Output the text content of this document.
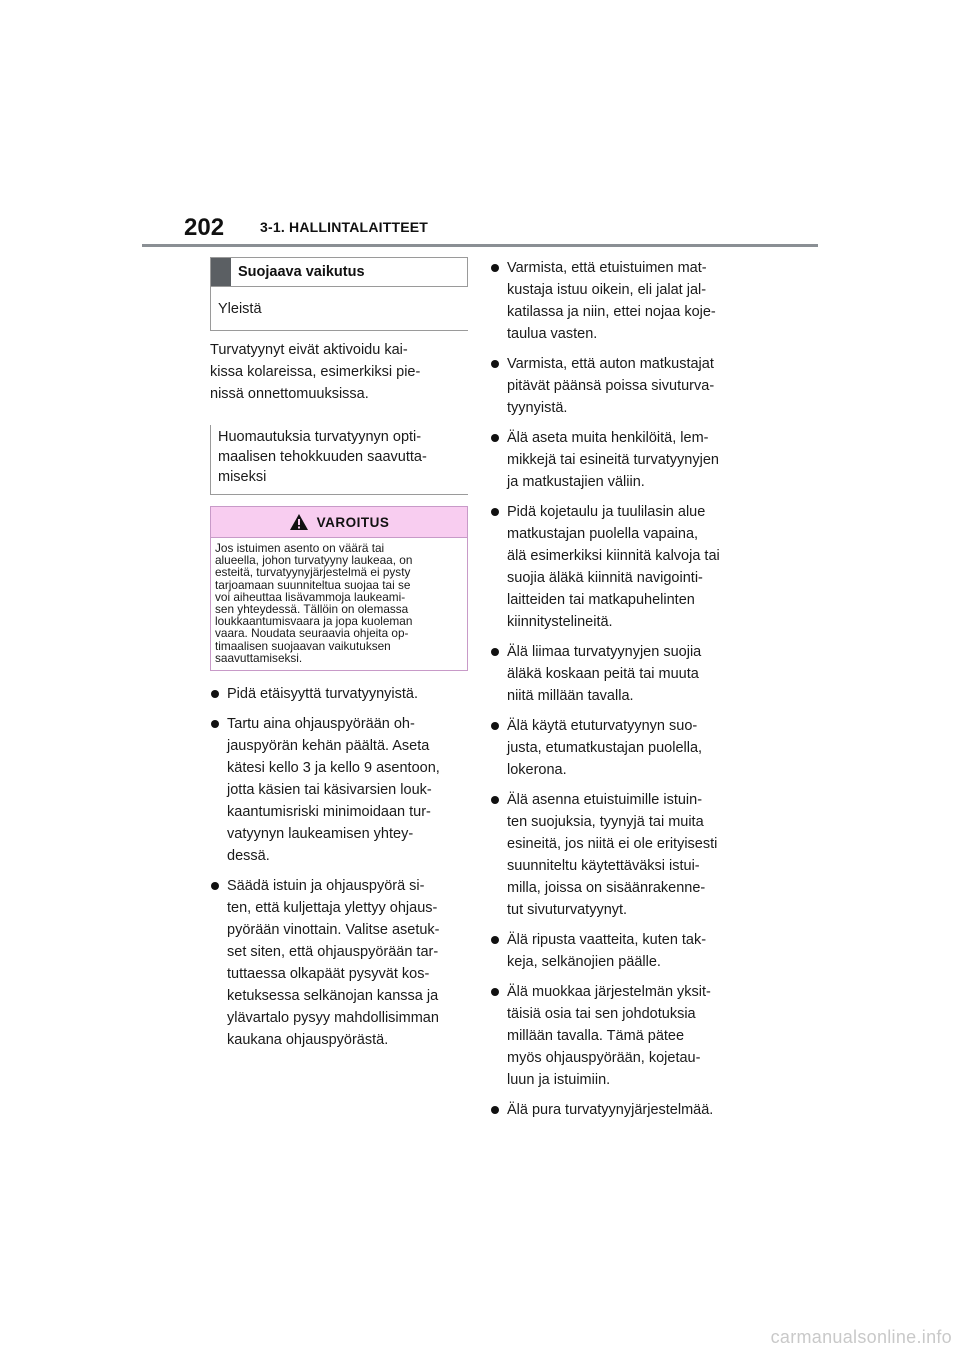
202	3-1. HALLINTALAITTEET
Suojaava vaikutus
Yleistä

Turvatyynyt eivät aktivoidu kai-
kissa kolareissa, esimerkiksi pie-
nissä onnettomuuksissa.

Huomautuksia turvatyynyn opti-
maalisen tehokkuuden saavutta-
miseksi
VAROITUS
Jos istuimen asento on väärä tai
alueella, johon turvatyyny laukeaa, on
esteitä, turvatyynyjärjestelmä ei pysty
tarjoamaan suunniteltua suojaa tai se
voi aiheuttaa lisävammoja laukeami-
sen yhteydessä. Tällöin on olemassa
loukkaantumisvaara ja jopa kuoleman
vaara. Noudata seuraavia ohjeita op-
timaalisen suojaavan vaikutuksen
saavuttamiseksi.
Pidä etäisyyttä turvatyynyistä.
Tartu aina ohjauspyörään oh-
jauspyörän kehän päältä. Aseta
kätesi kello 3 ja kello 9 asentoon,
jotta käsien tai käsivarsien louk-
kaantumisriski minimoidaan tur-
vatyynyn laukeamisen yhtey-
dessä.
Säädä istuin ja ohjauspyörä si-
ten, että kuljettaja ylettyy ohjaus-
pyörään vinottain. Valitse asetuk-
set siten, että ohjauspyörään tar-
tuttaessa olkapäät pysyvät kos-
ketuksessa selkänojan kanssa ja
ylävartalo pysyy mahdollisimman
kaukana ohjauspyörästä.
Varmista, että etuistuimen mat-
kustaja istuu oikein, eli jalat jal-
katilassa ja niin, ettei nojaa koje-
taulua vasten.
Varmista, että auton matkustajat
pitävät päänsä poissa sivuturva-
tyynyistä.
Älä aseta muita henkilöitä, lem-
mikkejä tai esineitä turvatyynyjen
ja matkustajien väliin.
Pidä kojetaulu ja tuulilasin alue
matkustajan puolella vapaina,
älä esimerkiksi kiinnitä kalvoja tai
suojia äläkä kiinnitä navigointi-
laitteiden tai matkapuhelinten
kiinnitystelineitä.
Älä liimaa turvatyynyjen suojia
äläkä koskaan peitä tai muuta
niitä millään tavalla.
Älä käytä etuturvatyynyn suo-
justa, etumatkustajan puolella,
lokerona.
Älä asenna etuistuimille istuin-
ten suojuksia, tyynyjä tai muita
esineitä, jos niitä ei ole erityisesti
suunniteltu käytettäväksi istui-
milla, joissa on sisäänrakenne-
tut sivuturvatyynyt.
Älä ripusta vaatteita, kuten tak-
keja, selkänojien päälle.
Älä muokkaa järjestelmän yksit-
täisiä osia tai sen johdotuksia
millään tavalla. Tämä pätee
myös ohjauspyörään, kojetau-
luun ja istuimiin.
Älä pura turvatyynyjärjestelmää.
carmanualsonline.info
